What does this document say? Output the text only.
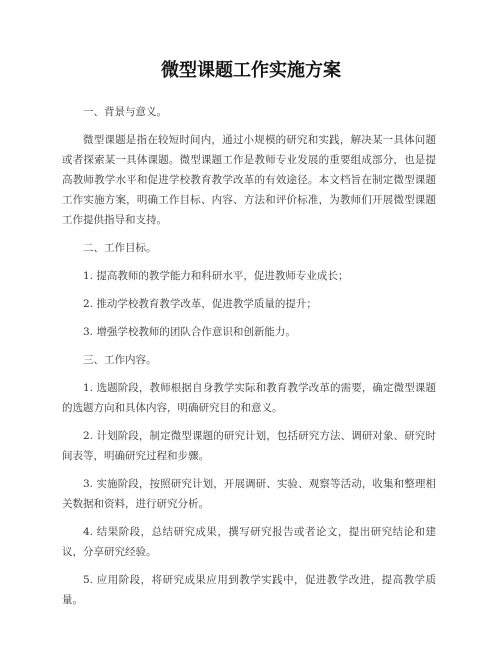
微型课题工作实施方案

一、背景与意义。

微型课题是指在较短时间内，通过小规模的研究和实践，解决某一具体问题或者探索某一具体课题。微型课题工作是教师专业发展的重要组成部分，也是提高教师教学水平和促进学校教育教学改革的有效途径。本文档旨在制定微型课题工作实施方案，明确工作目标、内容、方法和评价标准，为教师们开展微型课题工作提供指导和支持。

二、工作目标。

1. 提高教师的教学能力和科研水平，促进教师专业成长；

2. 推动学校教育教学改革，促进教学质量的提升；

3. 增强学校教师的团队合作意识和创新能力。

三、工作内容。

1. 选题阶段，教师根据自身教学实际和教育教学改革的需要，确定微型课题的选题方向和具体内容，明确研究目的和意义。

2. 计划阶段，制定微型课题的研究计划，包括研究方法、调研对象、研究时间表等，明确研究过程和步骤。

3. 实施阶段，按照研究计划，开展调研、实验、观察等活动，收集和整理相关数据和资料，进行研究分析。

4. 结果阶段，总结研究成果，撰写研究报告或者论文，提出研究结论和建议，分享研究经验。

5. 应用阶段，将研究成果应用到教学实践中，促进教学改进，提高教学质量。
